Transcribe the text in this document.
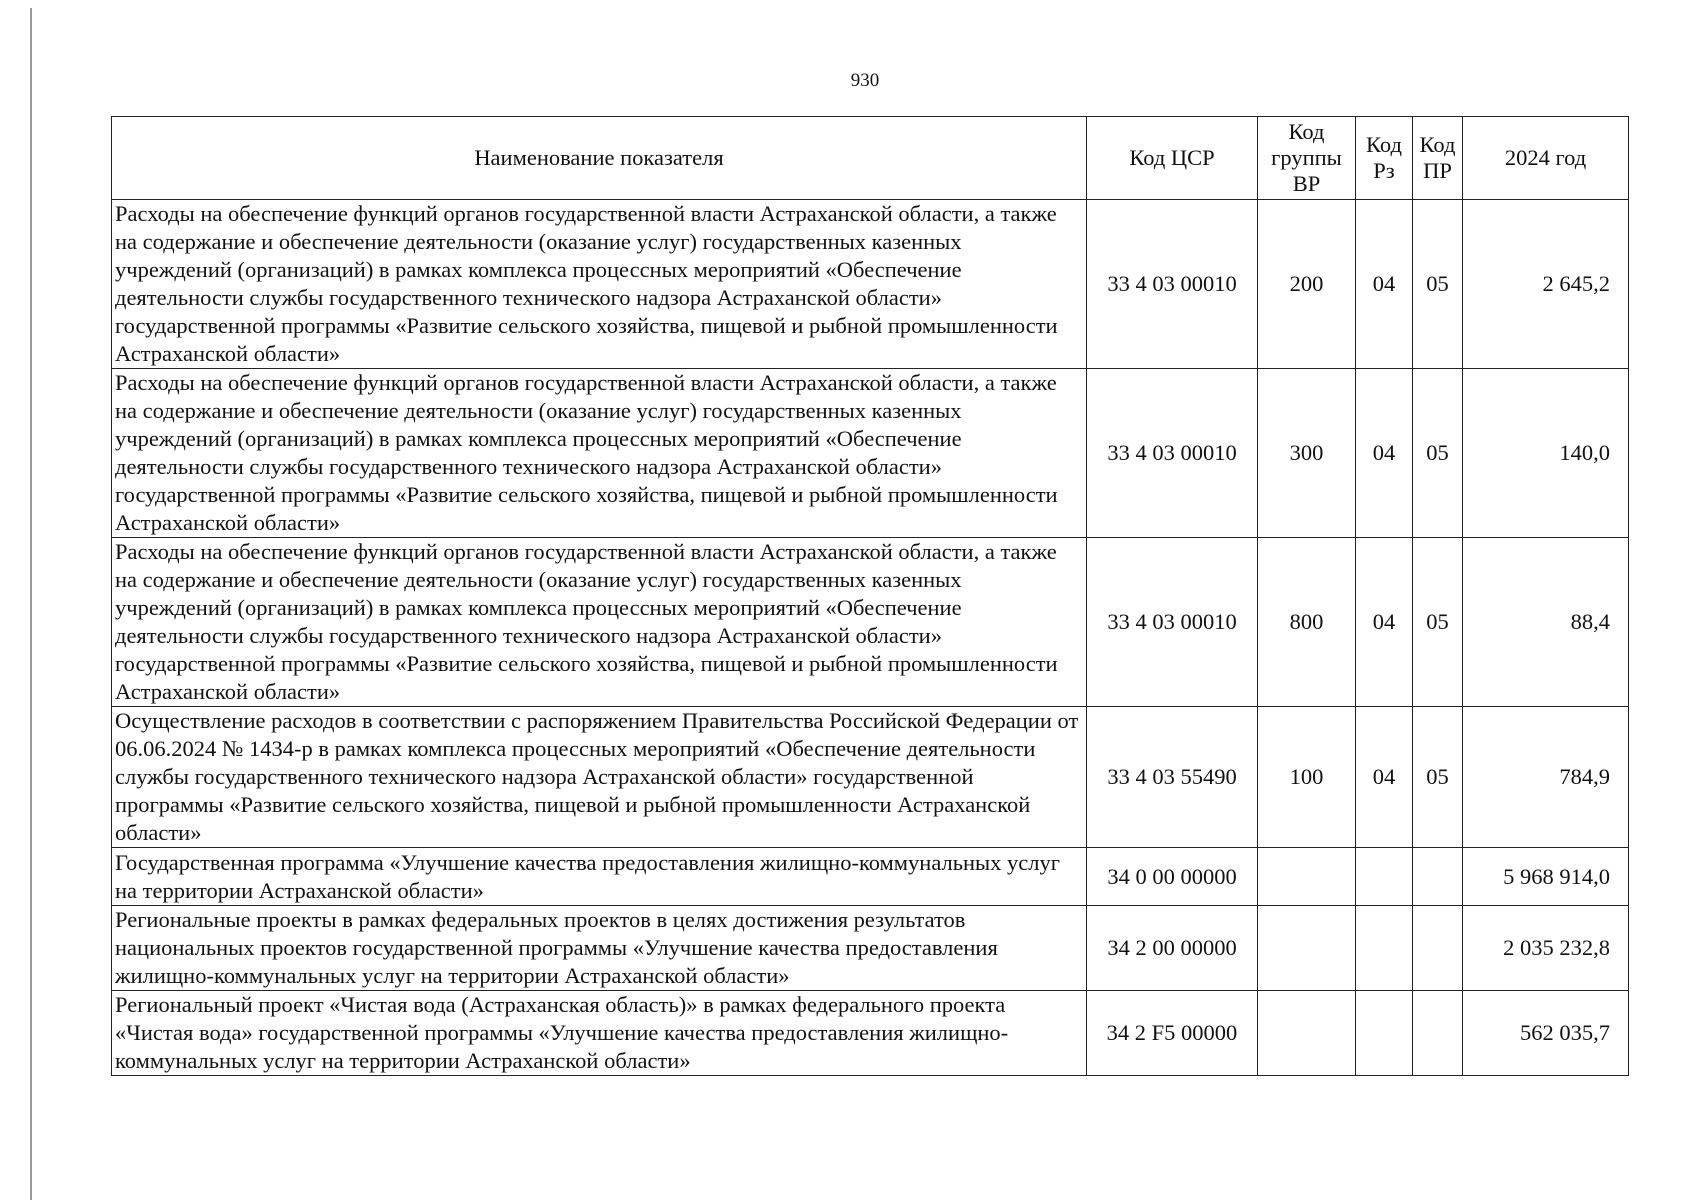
930
Наименование показателя	Код ЦСР	Код группы ВР	Код Рз	Код ПР	2024 год
Расходы на обеспечение функций органов государственной власти Астраханской области, а также на содержание и обеспечение деятельности (оказание услуг) государственных казенных учреждений (организаций) в рамках комплекса процессных мероприятий «Обеспечение деятельности службы государственного технического надзора Астраханской области» государственной программы «Развитие сельского хозяйства, пищевой и рыбной промышленности Астраханской области»	33 4 03 00010	200	04	05	2 645,2
Расходы на обеспечение функций органов государственной власти Астраханской области, а также на содержание и обеспечение деятельности (оказание услуг) государственных казенных учреждений (организаций) в рамках комплекса процессных мероприятий «Обеспечение деятельности службы государственного технического надзора Астраханской области» государственной программы «Развитие сельского хозяйства, пищевой и рыбной промышленности Астраханской области»	33 4 03 00010	300	04	05	140,0
Расходы на обеспечение функций органов государственной власти Астраханской области, а также на содержание и обеспечение деятельности (оказание услуг) государственных казенных учреждений (организаций) в рамках комплекса процессных мероприятий «Обеспечение деятельности службы государственного технического надзора Астраханской области» государственной программы «Развитие сельского хозяйства, пищевой и рыбной промышленности Астраханской области»	33 4 03 00010	800	04	05	88,4
Осуществление расходов в соответствии с распоряжением Правительства Российской Федерации от 06.06.2024 № 1434-р в рамках комплекса процессных мероприятий «Обеспечение деятельности службы государственного технического надзора Астраханской области» государственной программы «Развитие сельского хозяйства, пищевой и рыбной промышленности Астраханской области»	33 4 03 55490	100	04	05	784,9
Государственная программа «Улучшение качества предоставления жилищно-коммунальных услуг на территории Астраханской области»	34 0 00 00000				5 968 914,0
Региональные проекты в рамках федеральных проектов в целях достижения результатов национальных проектов государственной программы «Улучшение качества предоставления жилищно-коммунальных услуг на территории Астраханской области»	34 2 00 00000				2 035 232,8
Региональный проект «Чистая вода (Астраханская область)» в рамках федерального проекта «Чистая вода» государственной программы «Улучшение качества предоставления жилищно-коммунальных услуг на территории Астраханской области»	34 2 F5 00000				562 035,7
